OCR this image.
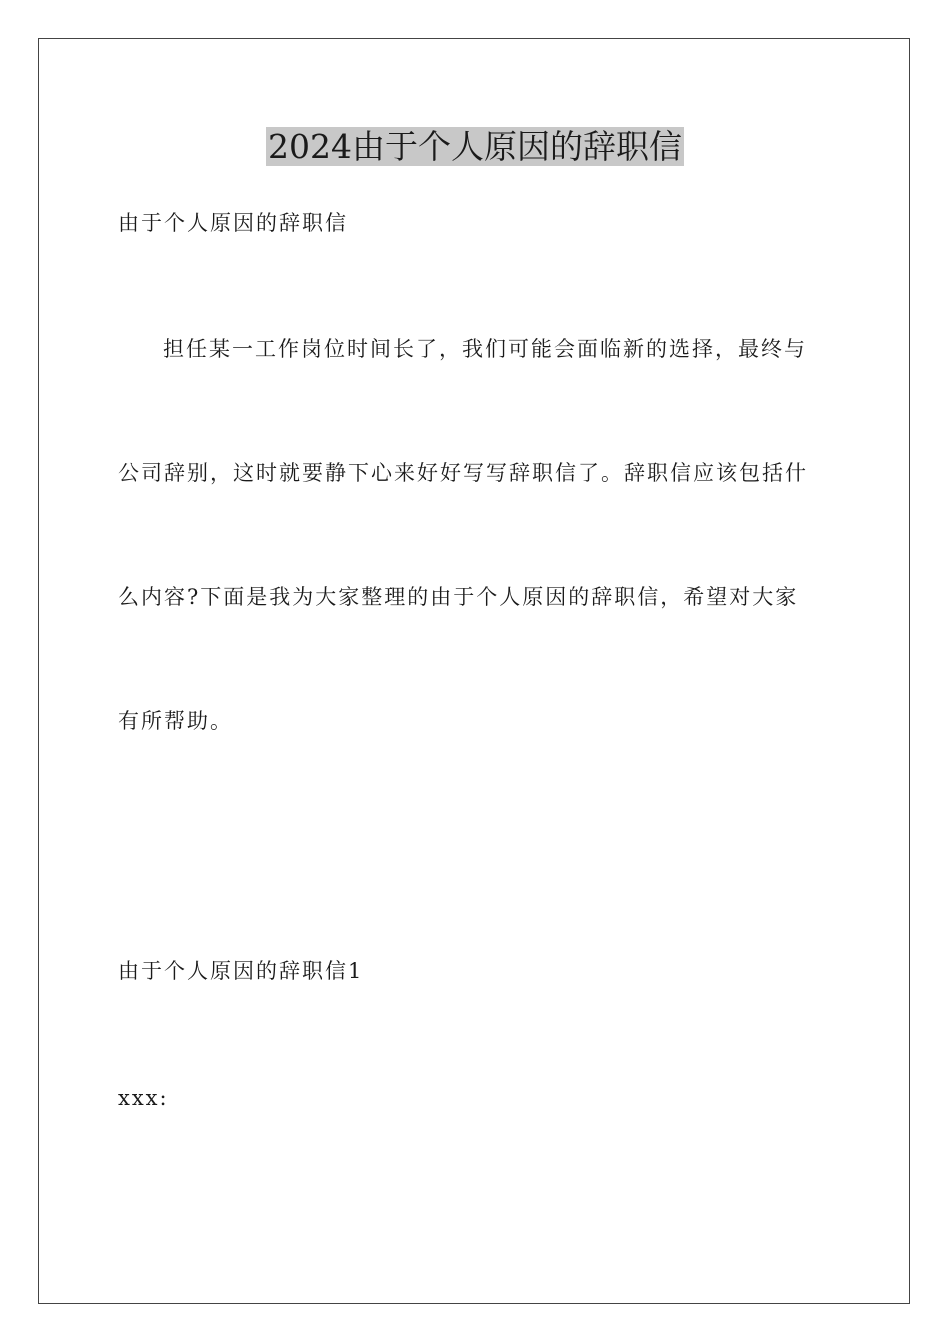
2024由于个人原因的辞职信

由于个人原因的辞职信

担任某一工作岗位时间长了，我们可能会面临新的选择，最终与

公司辞别，这时就要静下心来好好写写辞职信了。辞职信应该包括什

么内容?下面是我为大家整理的由于个人原因的辞职信，希望对大家

有所帮助。

由于个人原因的辞职信1

xxx:
